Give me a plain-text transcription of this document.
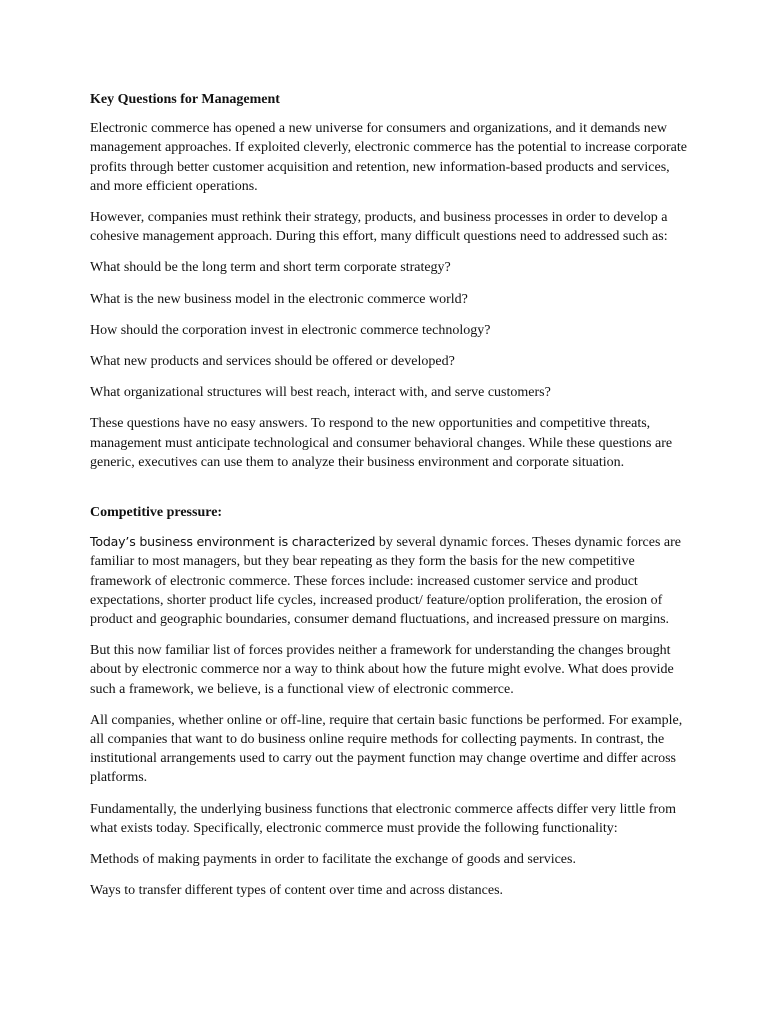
Key Questions for Management

Electronic commerce has opened a new universe for consumers and organizations, and it demands new management approaches. If exploited cleverly, electronic commerce has the potential to increase corporate profits through better customer acquisition and retention, new information-based products and services, and more efficient operations.

However, companies must rethink their strategy, products, and business processes in order to develop a cohesive management approach. During this effort, many difficult questions need to addressed such as:

What should be the long term and short term corporate strategy?

What is the new business model in the electronic commerce world?

How should the corporation invest in electronic commerce technology?

What new products and services should be offered or developed?

What organizational structures will best reach, interact with, and serve customers?

These questions have no easy answers. To respond to the new opportunities and competitive threats, management must anticipate technological and consumer behavioral changes. While these questions are generic, executives can use them to analyze their business environment and corporate situation.

Competitive pressure:

Today’s business environment is characterized by several dynamic forces. Theses dynamic forces are familiar to most managers, but they bear repeating as they form the basis for the new competitive framework of electronic commerce. These forces include: increased customer service and product expectations, shorter product life cycles, increased product/ feature/option proliferation, the erosion of product and geographic boundaries, consumer demand fluctuations, and increased pressure on margins.

But this now familiar list of forces provides neither a framework for understanding the changes brought about by electronic commerce nor a way to think about how the future might evolve. What does provide such a framework, we believe, is a functional view of electronic commerce.

All companies, whether online or off-line, require that certain basic functions be performed. For example, all companies that want to do business online require methods for collecting payments. In contrast, the institutional arrangements used to carry out the payment function may change overtime and differ across platforms.

Fundamentally, the underlying business functions that electronic commerce affects differ very little from what exists today. Specifically, electronic commerce must provide the following functionality:

Methods of making payments in order to facilitate the exchange of goods and services.

Ways to transfer different types of content over time and across distances.
